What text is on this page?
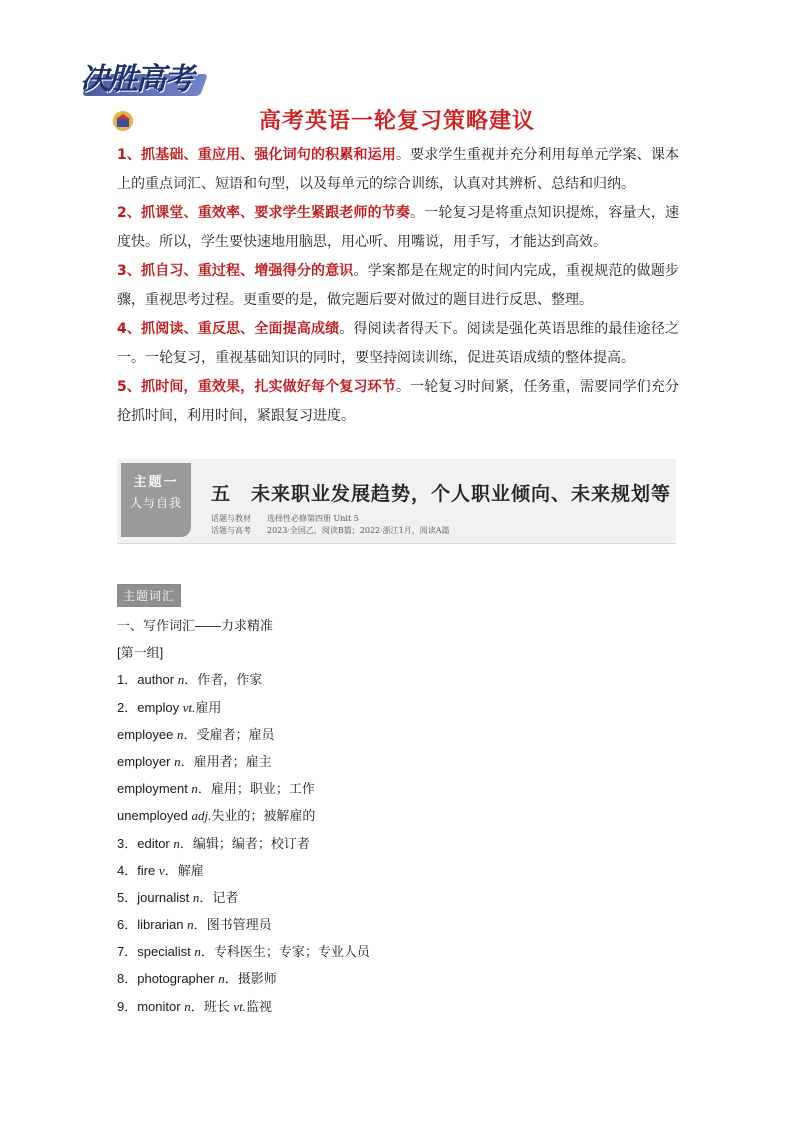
决胜高考
高考英语一轮复习策略建议

1、抓基础、重应用、强化词句的积累和运用。要求学生重视并充分利用每单元学案、课本上的重点词汇、短语和句型，以及每单元的综合训练，认真对其辨析、总结和归纳。

2、抓课堂、重效率、要求学生紧跟老师的节奏。一轮复习是将重点知识提炼，容量大，速度快。所以，学生要快速地用脑思，用心听、用嘴说，用手写，才能达到高效。

3、抓自习、重过程、增强得分的意识。学案都是在规定的时间内完成，重视规范的做题步骤，重视思考过程。更重要的是，做完题后要对做过的题目进行反思、整理。

4、抓阅读、重反思、全面提高成绩。得阅读者得天下。阅读是强化英语思维的最佳途径之一。一轮复习，重视基础知识的同时，要坚持阅读训练，促进英语成绩的整体提高。

5、抓时间，重效果，扎实做好每个复习环节。一轮复习时间紧，任务重，需要同学们充分抢抓时间，利用时间，紧跟复习进度。

主题一
人与自我	五　未来职业发展趋势，个人职业倾向、未来规划等
话题与教材 选择性必修第四册 Unit 5
话题与高考 2023·全国乙，阅读B篇；2022·浙江1月，阅读A篇
主题词汇
一、写作词汇——力求精准
[第一组]
1．author n．作者，作家
2．employ vt.雇用
employee n．受雇者；雇员
employer n．雇用者；雇主
employment n．雇用；职业；工作
unemployed adj.失业的；被解雇的
3．editor n．编辑；编者；校订者
4．fire v．解雇
5．journalist n．记者
6．librarian n．图书管理员
7．specialist n．专科医生；专家；专业人员
8．photographer n．摄影师
9．monitor n．班长 vt.监视
